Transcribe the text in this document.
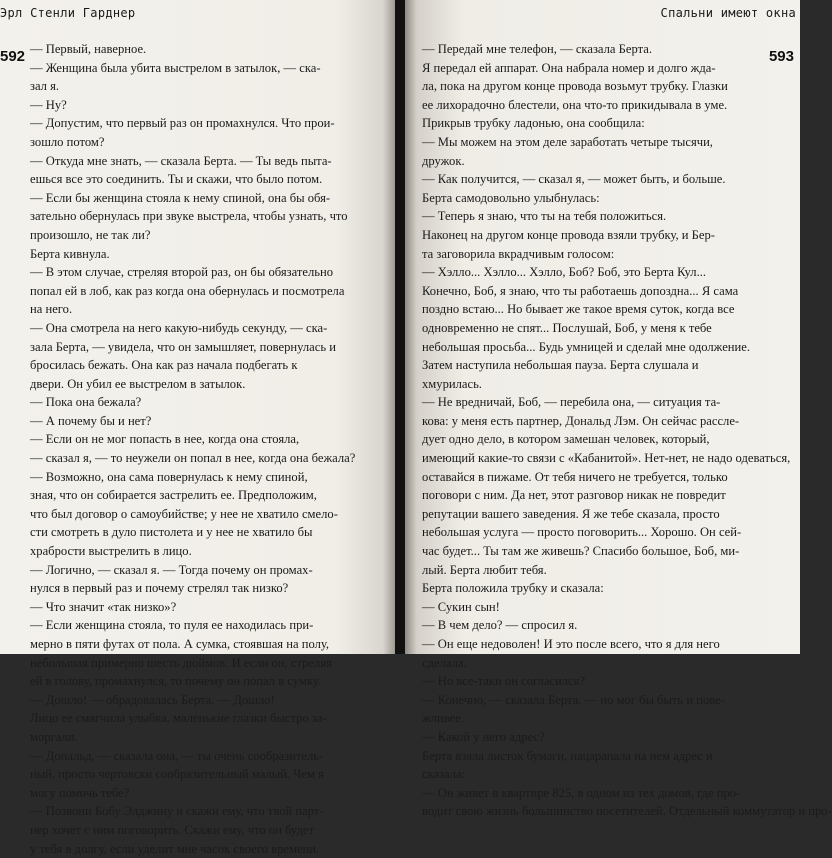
Эрл Стенли Гарднер
592 — Первый, наверное.
— Женщина была убита выстрелом в затылок, — ска-
зал я.
— Ну?
— Допустим, что первый раз он промахнулся. Что прои-
зошло потом?
— Откуда мне знать, — сказала Берта. — Ты ведь пыта-
ешься все это соединить. Ты и скажи, что было потом.
— Если бы женщина стояла к нему спиной, она бы обя-
зательно обернулась при звуке выстрела, чтобы узнать, что
произошло, не так ли?
Берта кивнула.
— В этом случае, стреляя второй раз, он бы обязательно
попал ей в лоб, как раз когда она обернулась и посмотрела
на него.
— Она смотрела на него какую-нибудь секунду, — ска-
зала Берта, — увидела, что он замышляет, повернулась и
бросилась бежать. Она как раз начала подбегать к
двери. Он убил ее выстрелом в затылок.
— Пока она бежала?
— А почему бы и нет?
— Если он не мог попасть в нее, когда она стояла,
— сказал я, — то неужели он попал в нее, когда она бежала?
— Возможно, она сама повернулась к нему спиной,
зная, что он собирается застрелить ее. Предположим,
что был договор о самоубийстве; у нее не хватило смело-
сти смотреть в дуло пистолета и у нее не хватило бы
храбрости выстрелить в лицо.
— Логично, — сказал я. — Тогда почему он промах-
нулся в первый раз и почему стрелял так низко?
— Что значит «так низко»?
— Если женщина стояла, то пуля ее находилась при-
мерно в пяти футах от пола. А сумка, стоявшая на полу,
небольшая примерно шесть дюймов. И если он, стреляя
ей в голову, промахнулся, то почему он попал в сумку.
— Дошло! — обрадовалась Берта. — Дошло!
Лицо ее смягчила улыбка, маленькие глазки быстро за-
моргали.
— Дональд, — сказала она, — ты очень сообразитель-
ный, просто чертовски сообразительный малый. Чем я
могу помочь тебе?
— Позвони Бобу Элджину и скажи ему, что твой парт-
нер хочет с ним поговорить. Скажи ему, что он будет
у тебя в долгу, если уделит мне часок своего времени.
Спальни имеют окна
593
— Передай мне телефон, — сказала Берта.
Я передал ей аппарат. Она набрала номер и долго жда-
ла, пока на другом конце провода возьмут трубку. Глазки
ее лихорадочно блестели, она что-то прикидывала в уме.
Прикрыв трубку ладонью, она сообщила:
— Мы можем на этом деле заработать четыре тысячи,
дружок.
— Как получится, — сказал я, — может быть, и больше.
Берта самодовольно улыбнулась:
— Теперь я знаю, что ты на тебя положиться.
Наконец на другом конце провода взяли трубку, и Бер-
та заговорила вкрадчивым голосом:
— Хэлло... Хэлло... Хэлло, Боб? Боб, это Берта Кул...
Конечно, Боб, я знаю, что ты работаешь допоздна... Я сама
поздно встаю... Но бывает же такое время суток, когда все
одновременно не спят... Послушай, Боб, у меня к тебе
небольшая просьба... Будь умницей и сделай мне одолжение.
Затем наступила небольшая пауза. Берта слушала и
хмурилась.
— Не вредничай, Боб, — перебила она, — ситуация та-
кова: у меня есть партнер, Дональд Лэм. Он сейчас рассле-
дует одно дело, в котором замешан человек, который,
имеющий какие-то связи с «Кабанитой». Нет-нет, не надо одеваться,
оставайся в пижаме. От тебя ничего не требуется, только
поговори с ним. Да нет, этот разговор никак не повредит
репутации вашего заведения. Я же тебе сказала, просто
небольшая услуга — просто поговорить... Хорошо. Он сей-
час будет... Ты там же живешь? Спасибо большое, Боб, ми-
лый. Берта любит тебя.
Берта положила трубку и сказала:
— Сукин сын!
— В чем дело? — спросил я.
— Он еще недоволен! И это после всего, что я для него
сделала.
— Но все-таки он согласился?
— Конечно, — сказала Берта. — но мог бы быть и пове-
жливее.
— Какой у него адрес?
Берта взяла листок бумаги, нацарапала на нем адрес и
сказала:
— Он живет в квартире 825, в одном из тех домов, где про-
водит свою жизнь большинство посетителей. Отдельный коммутатор и про-
